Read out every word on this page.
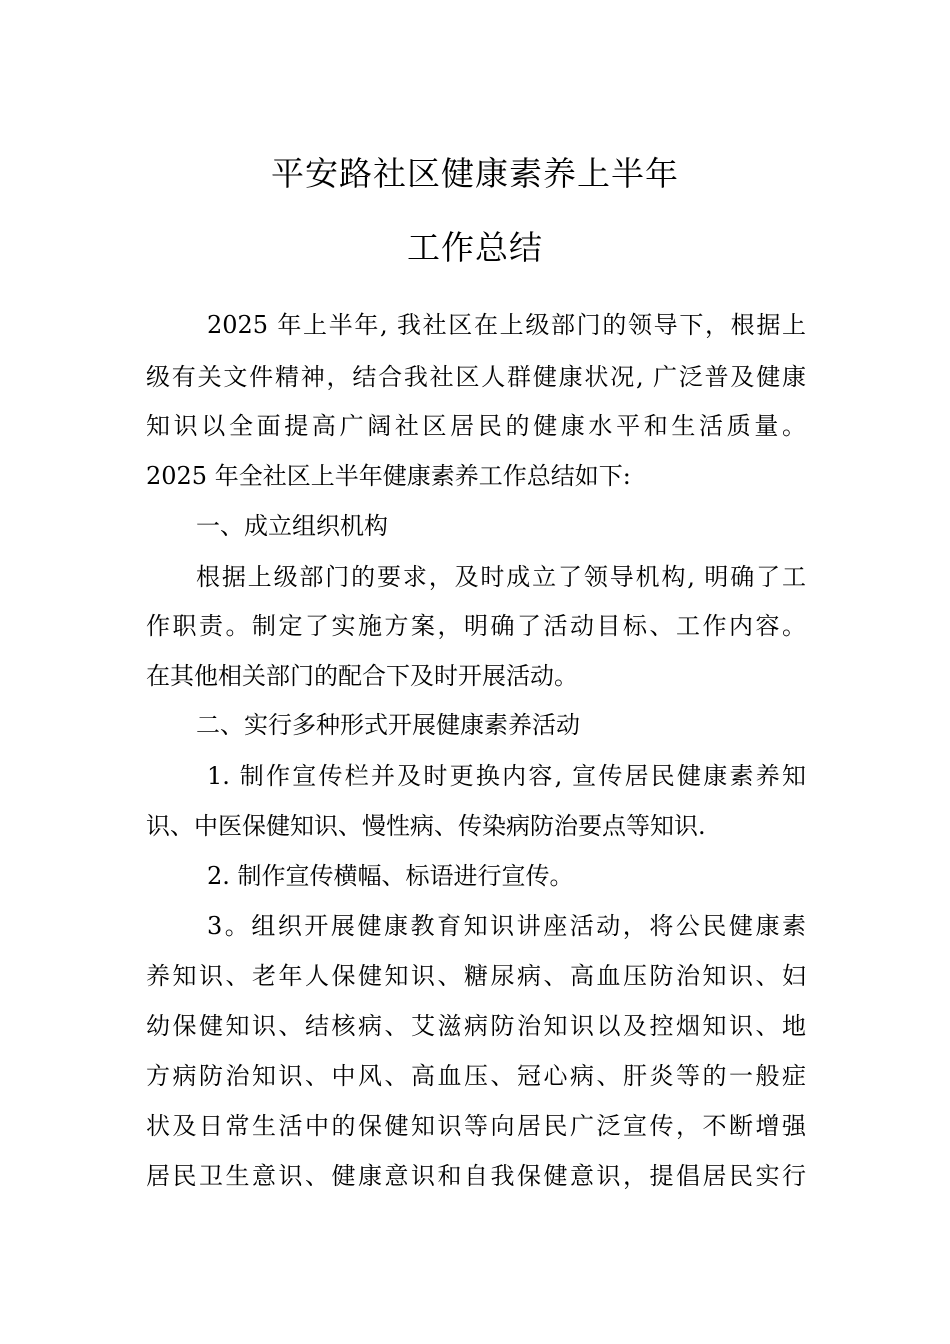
平安路社区健康素养上半年
工作总结
2025 年上半年, 我社区在上级部门的领导下，根据上
级有关文件精神，结合我社区人群健康状况, 广泛普及健康
知识以全面提高广阔社区居民的健康水平和生活质量。
2025 年全社区上半年健康素养工作总结如下:
一、成立组织机构
根据上级部门的要求，及时成立了领导机构, 明确了工
作职责。制定了实施方案，明确了活动目标、工作内容。
在其他相关部门的配合下及时开展活动。
二、实行多种形式开展健康素养活动
1. 制作宣传栏并及时更换内容, 宣传居民健康素养知
识、中医保健知识、慢性病、传染病防治要点等知识.
2. 制作宣传横幅、标语进行宣传。
3。组织开展健康教育知识讲座活动，将公民健康素
养知识、老年人保健知识、糖尿病、高血压防治知识、妇
幼保健知识、结核病、艾滋病防治知识以及控烟知识、地
方病防治知识、中风、高血压、冠心病、肝炎等的一般症
状及日常生活中的保健知识等向居民广泛宣传，不断增强
居民卫生意识、健康意识和自我保健意识，提倡居民实行
